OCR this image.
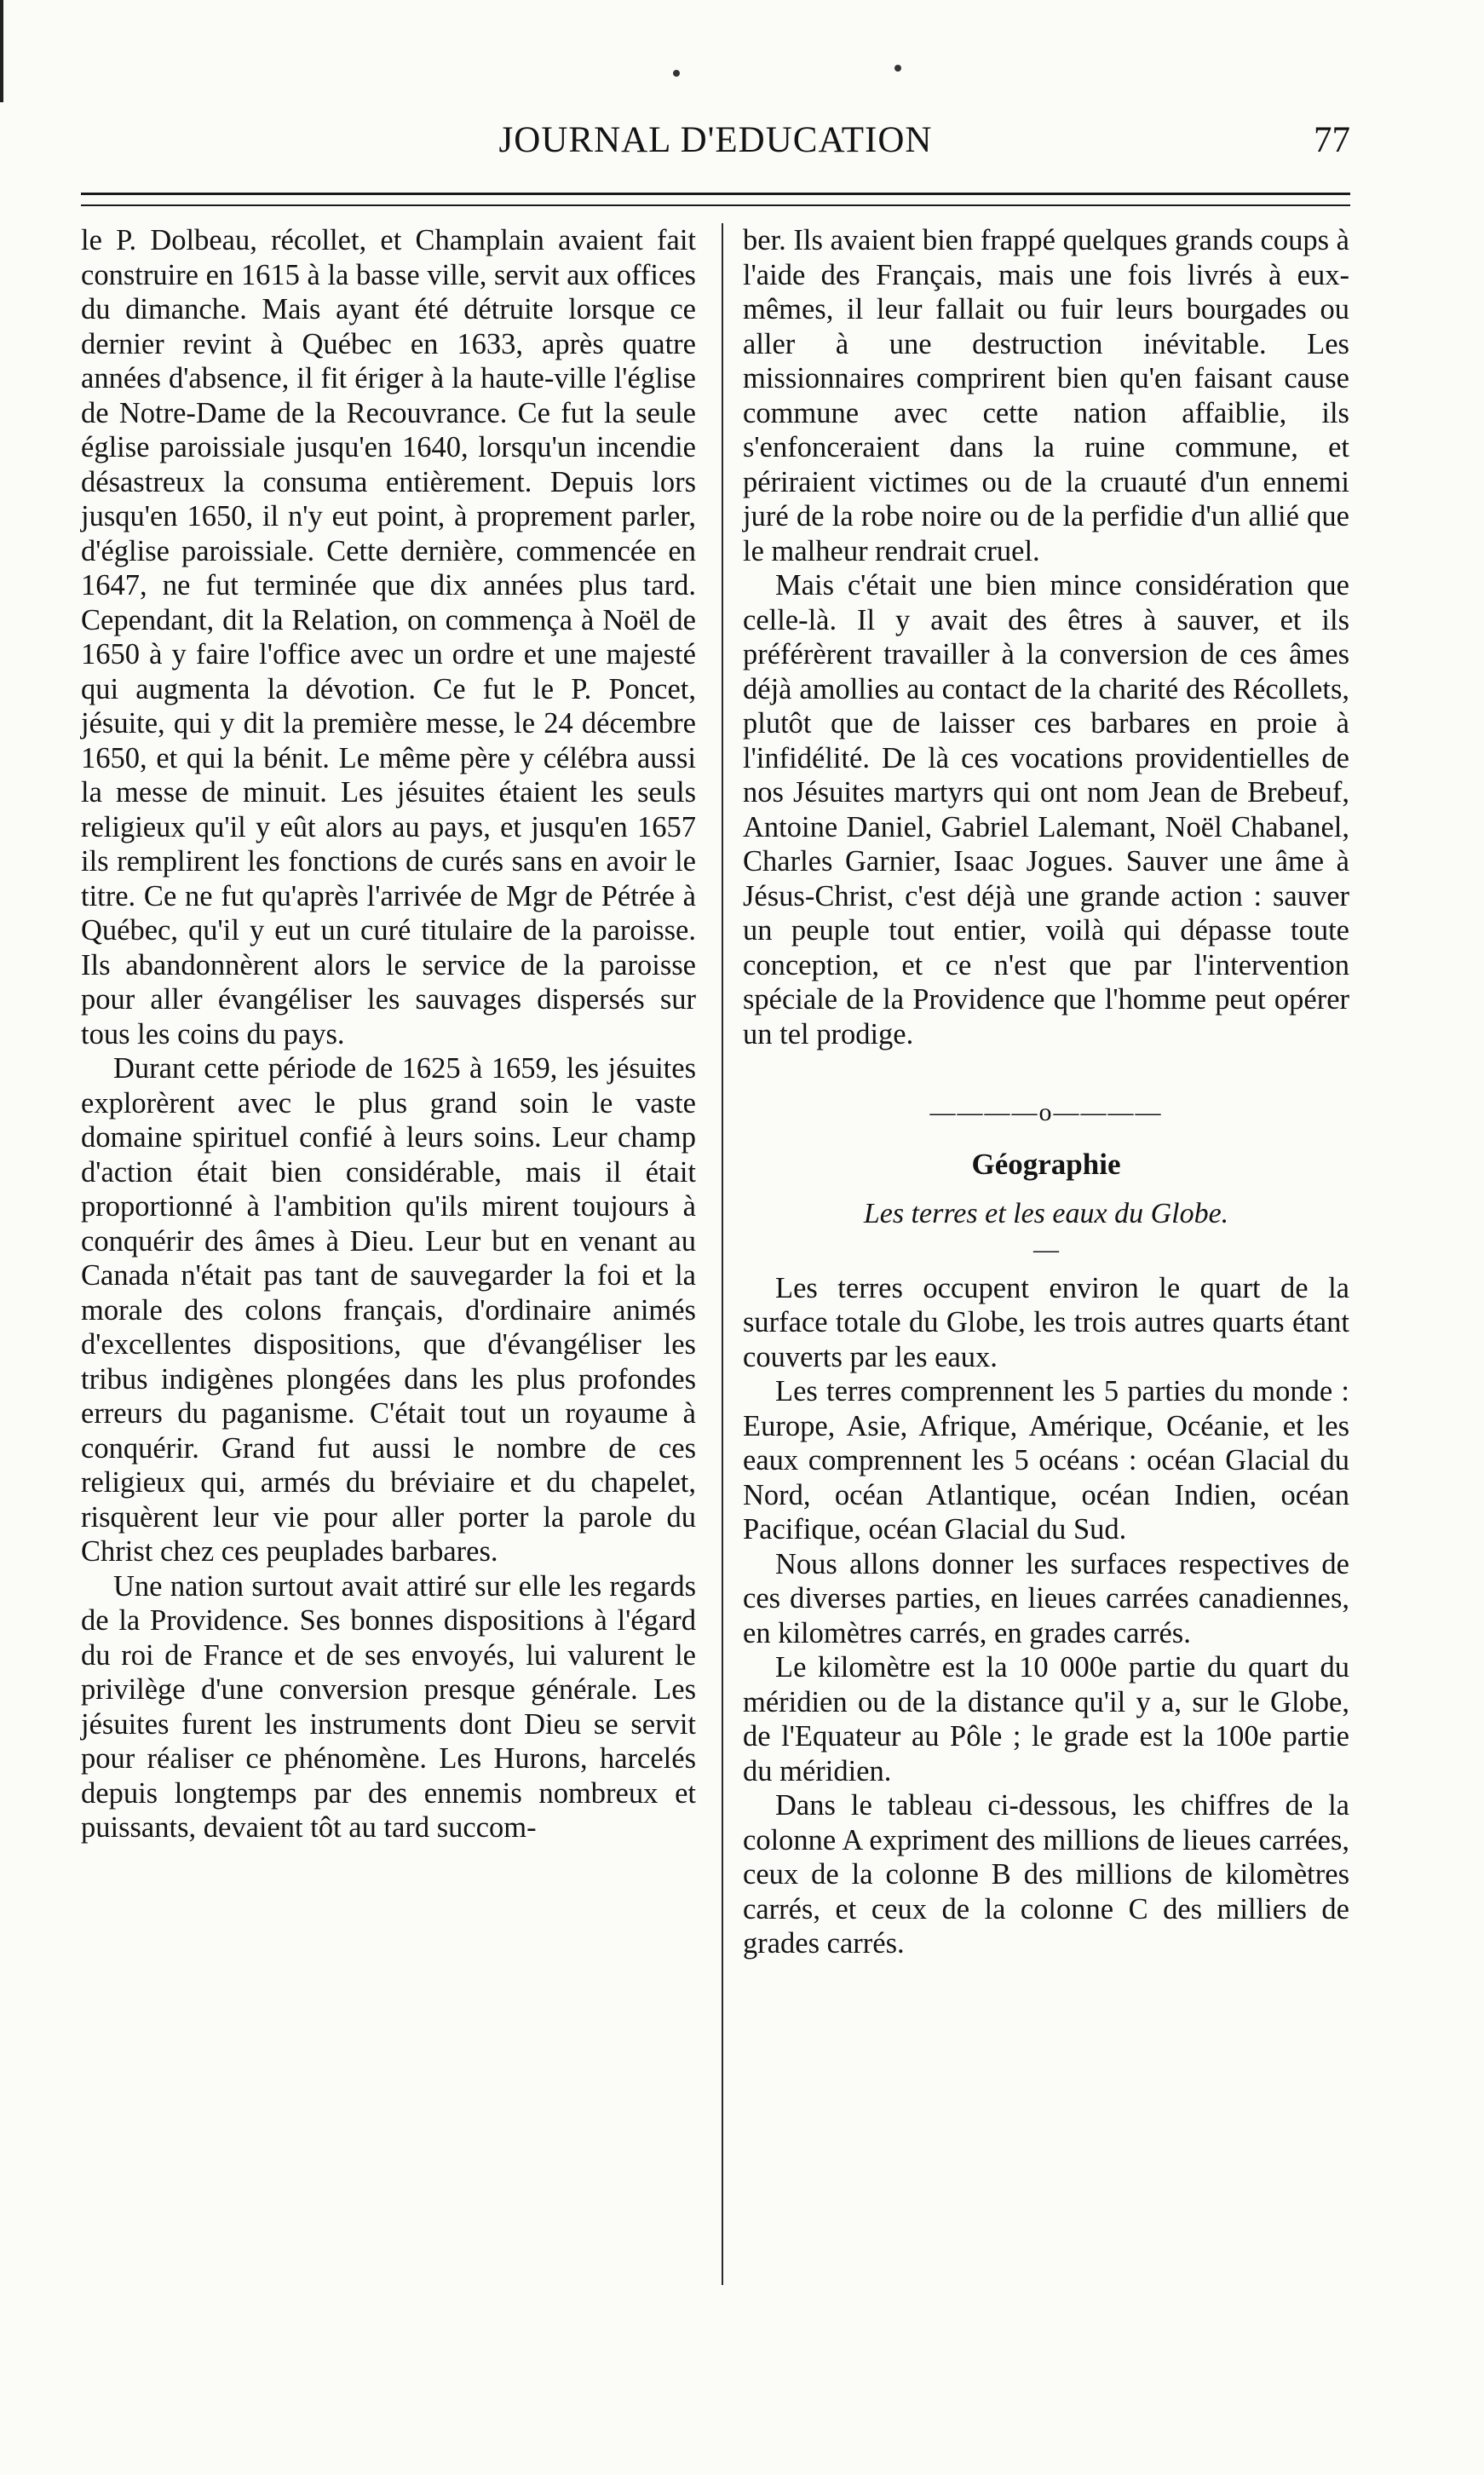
JOURNAL D'EDUCATION	77

le P. Dolbeau, récollet, et Champlain avaient fait construire en 1615 à la basse ville, servit aux offices du dimanche. Mais ayant été détruite lorsque ce dernier revint à Québec en 1633, après quatre années d'absence, il fit ériger à la haute-ville l'église de Notre-Dame de la Recouvrance. Ce fut la seule église paroissiale jusqu'en 1640, lorsqu'un incendie désastreux la consuma entièrement. Depuis lors jusqu'en 1650, il n'y eut point, à proprement parler, d'église paroissiale. Cette dernière, commencée en 1647, ne fut terminée que dix années plus tard. Cependant, dit la Relation, on commença à Noël de 1650 à y faire l'office avec un ordre et une majesté qui augmenta la dévotion. Ce fut le P. Poncet, jésuite, qui y dit la première messe, le 24 décembre 1650, et qui la bénit. Le même père y célébra aussi la messe de minuit. Les jésuites étaient les seuls religieux qu'il y eût alors au pays, et jusqu'en 1657 ils remplirent les fonctions de curés sans en avoir le titre. Ce ne fut qu'après l'arrivée de Mgr de Pétrée à Québec, qu'il y eut un curé titulaire de la paroisse. Ils abandonnèrent alors le service de la paroisse pour aller évangéliser les sauvages dispersés sur tous les coins du pays.

Durant cette période de 1625 à 1659, les jésuites explorèrent avec le plus grand soin le vaste domaine spirituel confié à leurs soins. Leur champ d'action était bien considérable, mais il était proportionné à l'ambition qu'ils mirent toujours à conquérir des âmes à Dieu. Leur but en venant au Canada n'était pas tant de sauvegarder la foi et la morale des colons français, d'ordinaire animés d'excellentes dispositions, que d'évangéliser les tribus indigènes plongées dans les plus profondes erreurs du paganisme. C'était tout un royaume à conquérir. Grand fut aussi le nombre de ces religieux qui, armés du bréviaire et du chapelet, risquèrent leur vie pour aller porter la parole du Christ chez ces peuplades barbares.

Une nation surtout avait attiré sur elle les regards de la Providence. Ses bonnes dispositions à l'égard du roi de France et de ses envoyés, lui valurent le privilège d'une conversion presque générale. Les jésuites furent les instruments dont Dieu se servit pour réaliser ce phénomène. Les Hurons, harcelés depuis longtemps par des ennemis nombreux et puissants, devaient tôt au tard succom-

ber. Ils avaient bien frappé quelques grands coups à l'aide des Français, mais une fois livrés à eux-mêmes, il leur fallait ou fuir leurs bourgades ou aller à une destruction inévitable. Les missionnaires comprirent bien qu'en faisant cause commune avec cette nation affaiblie, ils s'enfonceraient dans la ruine commune, et périraient victimes ou de la cruauté d'un ennemi juré de la robe noire ou de la perfidie d'un allié que le malheur rendrait cruel.

Mais c'était une bien mince considération que celle-là. Il y avait des êtres à sauver, et ils préférèrent travailler à la conversion de ces âmes déjà amollies au contact de la charité des Récollets, plutôt que de laisser ces barbares en proie à l'infidélité. De là ces vocations providentielles de nos Jésuites martyrs qui ont nom Jean de Brebeuf, Antoine Daniel, Gabriel Lalemant, Noël Chabanel, Charles Garnier, Isaac Jogues. Sauver une âme à Jésus-Christ, c'est déjà une grande action : sauver un peuple tout entier, voilà qui dépasse toute conception, et ce n'est que par l'intervention spéciale de la Providence que l'homme peut opérer un tel prodige.

————o————
Géographie
Les terres et les eaux du Globe.
—

Les terres occupent environ le quart de la surface totale du Globe, les trois autres quarts étant couverts par les eaux.

Les terres comprennent les 5 parties du monde : Europe, Asie, Afrique, Amérique, Océanie, et les eaux comprennent les 5 océans : océan Glacial du Nord, océan Atlantique, océan Indien, océan Pacifique, océan Glacial du Sud.

Nous allons donner les surfaces respectives de ces diverses parties, en lieues carrées canadiennes, en kilomètres carrés, en grades carrés.

Le kilomètre est la 10 000e partie du quart du méridien ou de la distance qu'il y a, sur le Globe, de l'Equateur au Pôle ; le grade est la 100e partie du méridien.

Dans le tableau ci-dessous, les chiffres de la colonne A expriment des millions de lieues carrées, ceux de la colonne B des millions de kilomètres carrés, et ceux de la colonne C des milliers de grades carrés.
